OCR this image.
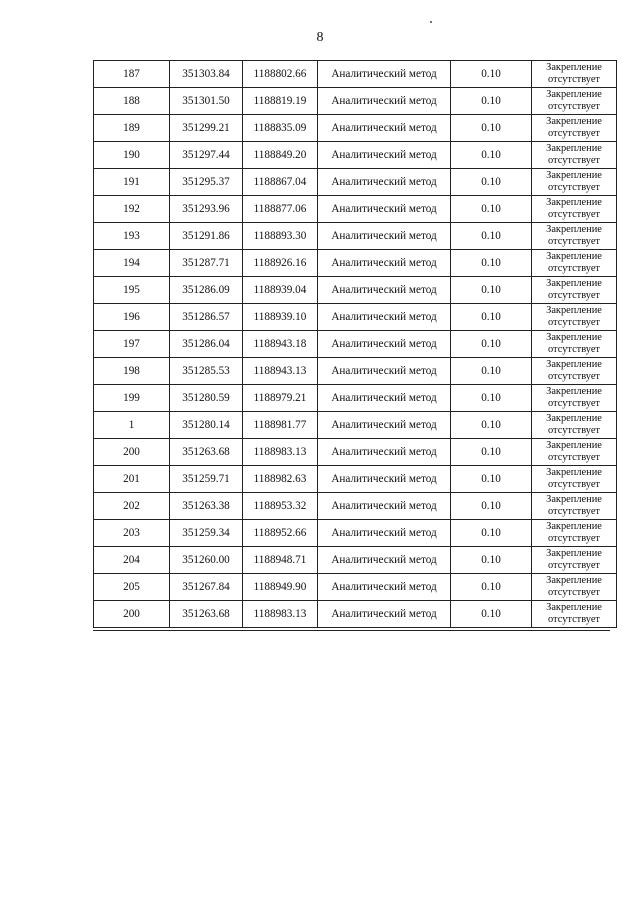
8
187	351303.84	1188802.66	Аналитический метод	0.10	Закрепление
отсутствует

188	351301.50	1188819.19	Аналитический метод	0.10	Закрепление
отсутствует

189	351299.21	1188835.09	Аналитический метод	0.10	Закрепление
отсутствует

190	351297.44	1188849.20	Аналитический метод	0.10	Закрепление
отсутствует

191	351295.37	1188867.04	Аналитический метод	0.10	Закрепление
отсутствует

192	351293.96	1188877.06	Аналитический метод	0.10	Закрепление
отсутствует

193	351291.86	1188893.30	Аналитический метод	0.10	Закрепление
отсутствует

194	351287.71	1188926.16	Аналитический метод	0.10	Закрепление
отсутствует

195	351286.09	1188939.04	Аналитический метод	0.10	Закрепление
отсутствует

196	351286.57	1188939.10	Аналитический метод	0.10	Закрепление
отсутствует

197	351286.04	1188943.18	Аналитический метод	0.10	Закрепление
отсутствует

198	351285.53	1188943.13	Аналитический метод	0.10	Закрепление
отсутствует

199	351280.59	1188979.21	Аналитический метод	0.10	Закрепление
отсутствует

1	351280.14	1188981.77	Аналитический метод	0.10	Закрепление
отсутствует

200	351263.68	1188983.13	Аналитический метод	0.10	Закрепление
отсутствует

201	351259.71	1188982.63	Аналитический метод	0.10	Закрепление
отсутствует

202	351263.38	1188953.32	Аналитический метод	0.10	Закрепление
отсутствует

203	351259.34	1188952.66	Аналитический метод	0.10	Закрепление
отсутствует

204	351260.00	1188948.71	Аналитический метод	0.10	Закрепление
отсутствует

205	351267.84	1188949.90	Аналитический метод	0.10	Закрепление
отсутствует

200	351263.68	1188983.13	Аналитический метод	0.10	Закрепление
отсутствует
